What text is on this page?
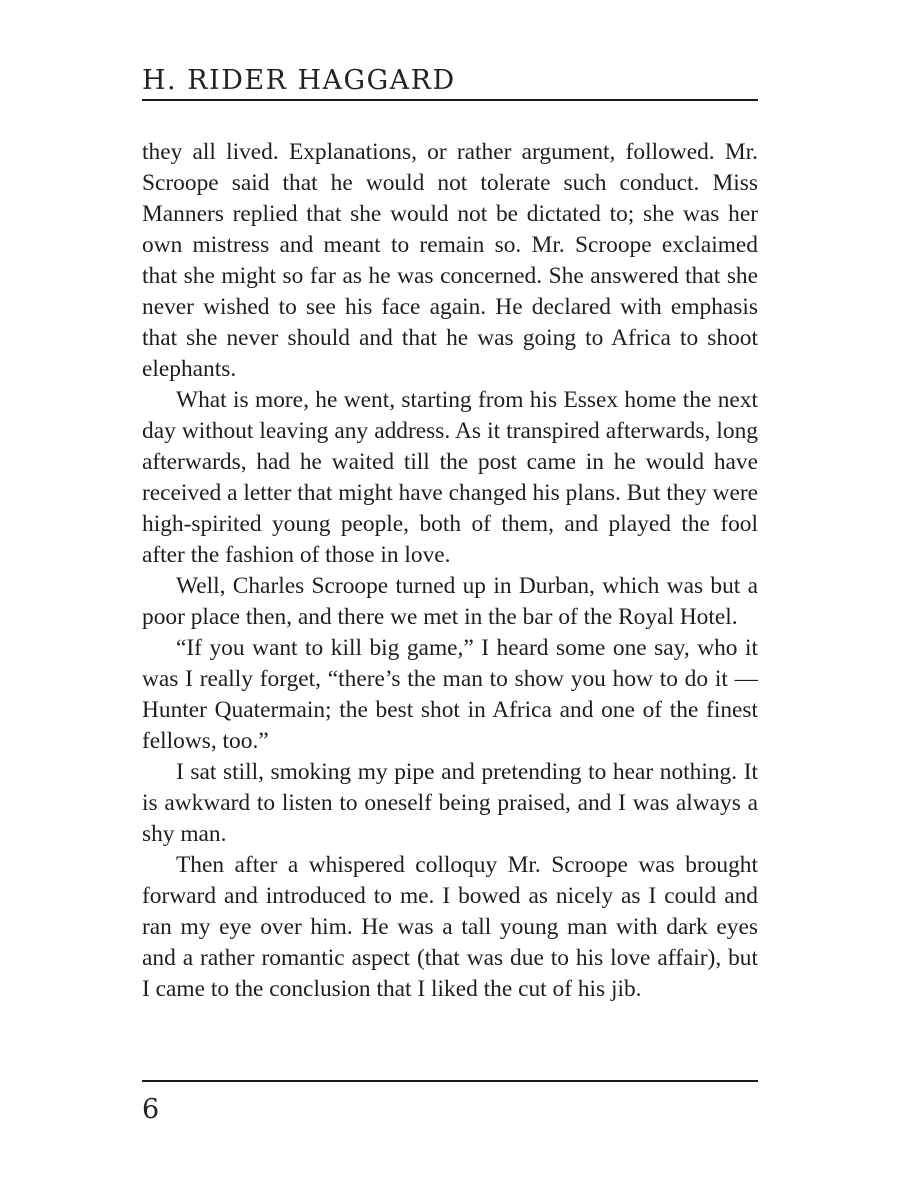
H. RIDER HAGGARD

they all lived. Explanations, or rather argument, followed. Mr. Scroope said that he would not tolerate such conduct. Miss Manners replied that she would not be dictated to; she was her own mistress and meant to remain so. Mr. Scroope exclaimed that she might so far as he was concerned. She answered that she never wished to see his face again. He declared with emphasis that she never should and that he was going to Africa to shoot elephants.

What is more, he went, starting from his Essex home the next day without leaving any address. As it transpired afterwards, long afterwards, had he waited till the post came in he would have received a letter that might have changed his plans. But they were high-spirited young people, both of them, and played the fool after the fashion of those in love.

Well, Charles Scroope turned up in Durban, which was but a poor place then, and there we met in the bar of the Royal Hotel.

“If you want to kill big game,” I heard some one say, who it was I really forget, “there’s the man to show you how to do it — Hunter Quatermain; the best shot in Africa and one of the finest fellows, too.”

I sat still, smoking my pipe and pretending to hear nothing. It is awkward to listen to oneself being praised, and I was always a shy man.

Then after a whispered colloquy Mr. Scroope was brought forward and introduced to me. I bowed as nicely as I could and ran my eye over him. He was a tall young man with dark eyes and a rather romantic aspect (that was due to his love affair), but I came to the conclusion that I liked the cut of his jib.

6
